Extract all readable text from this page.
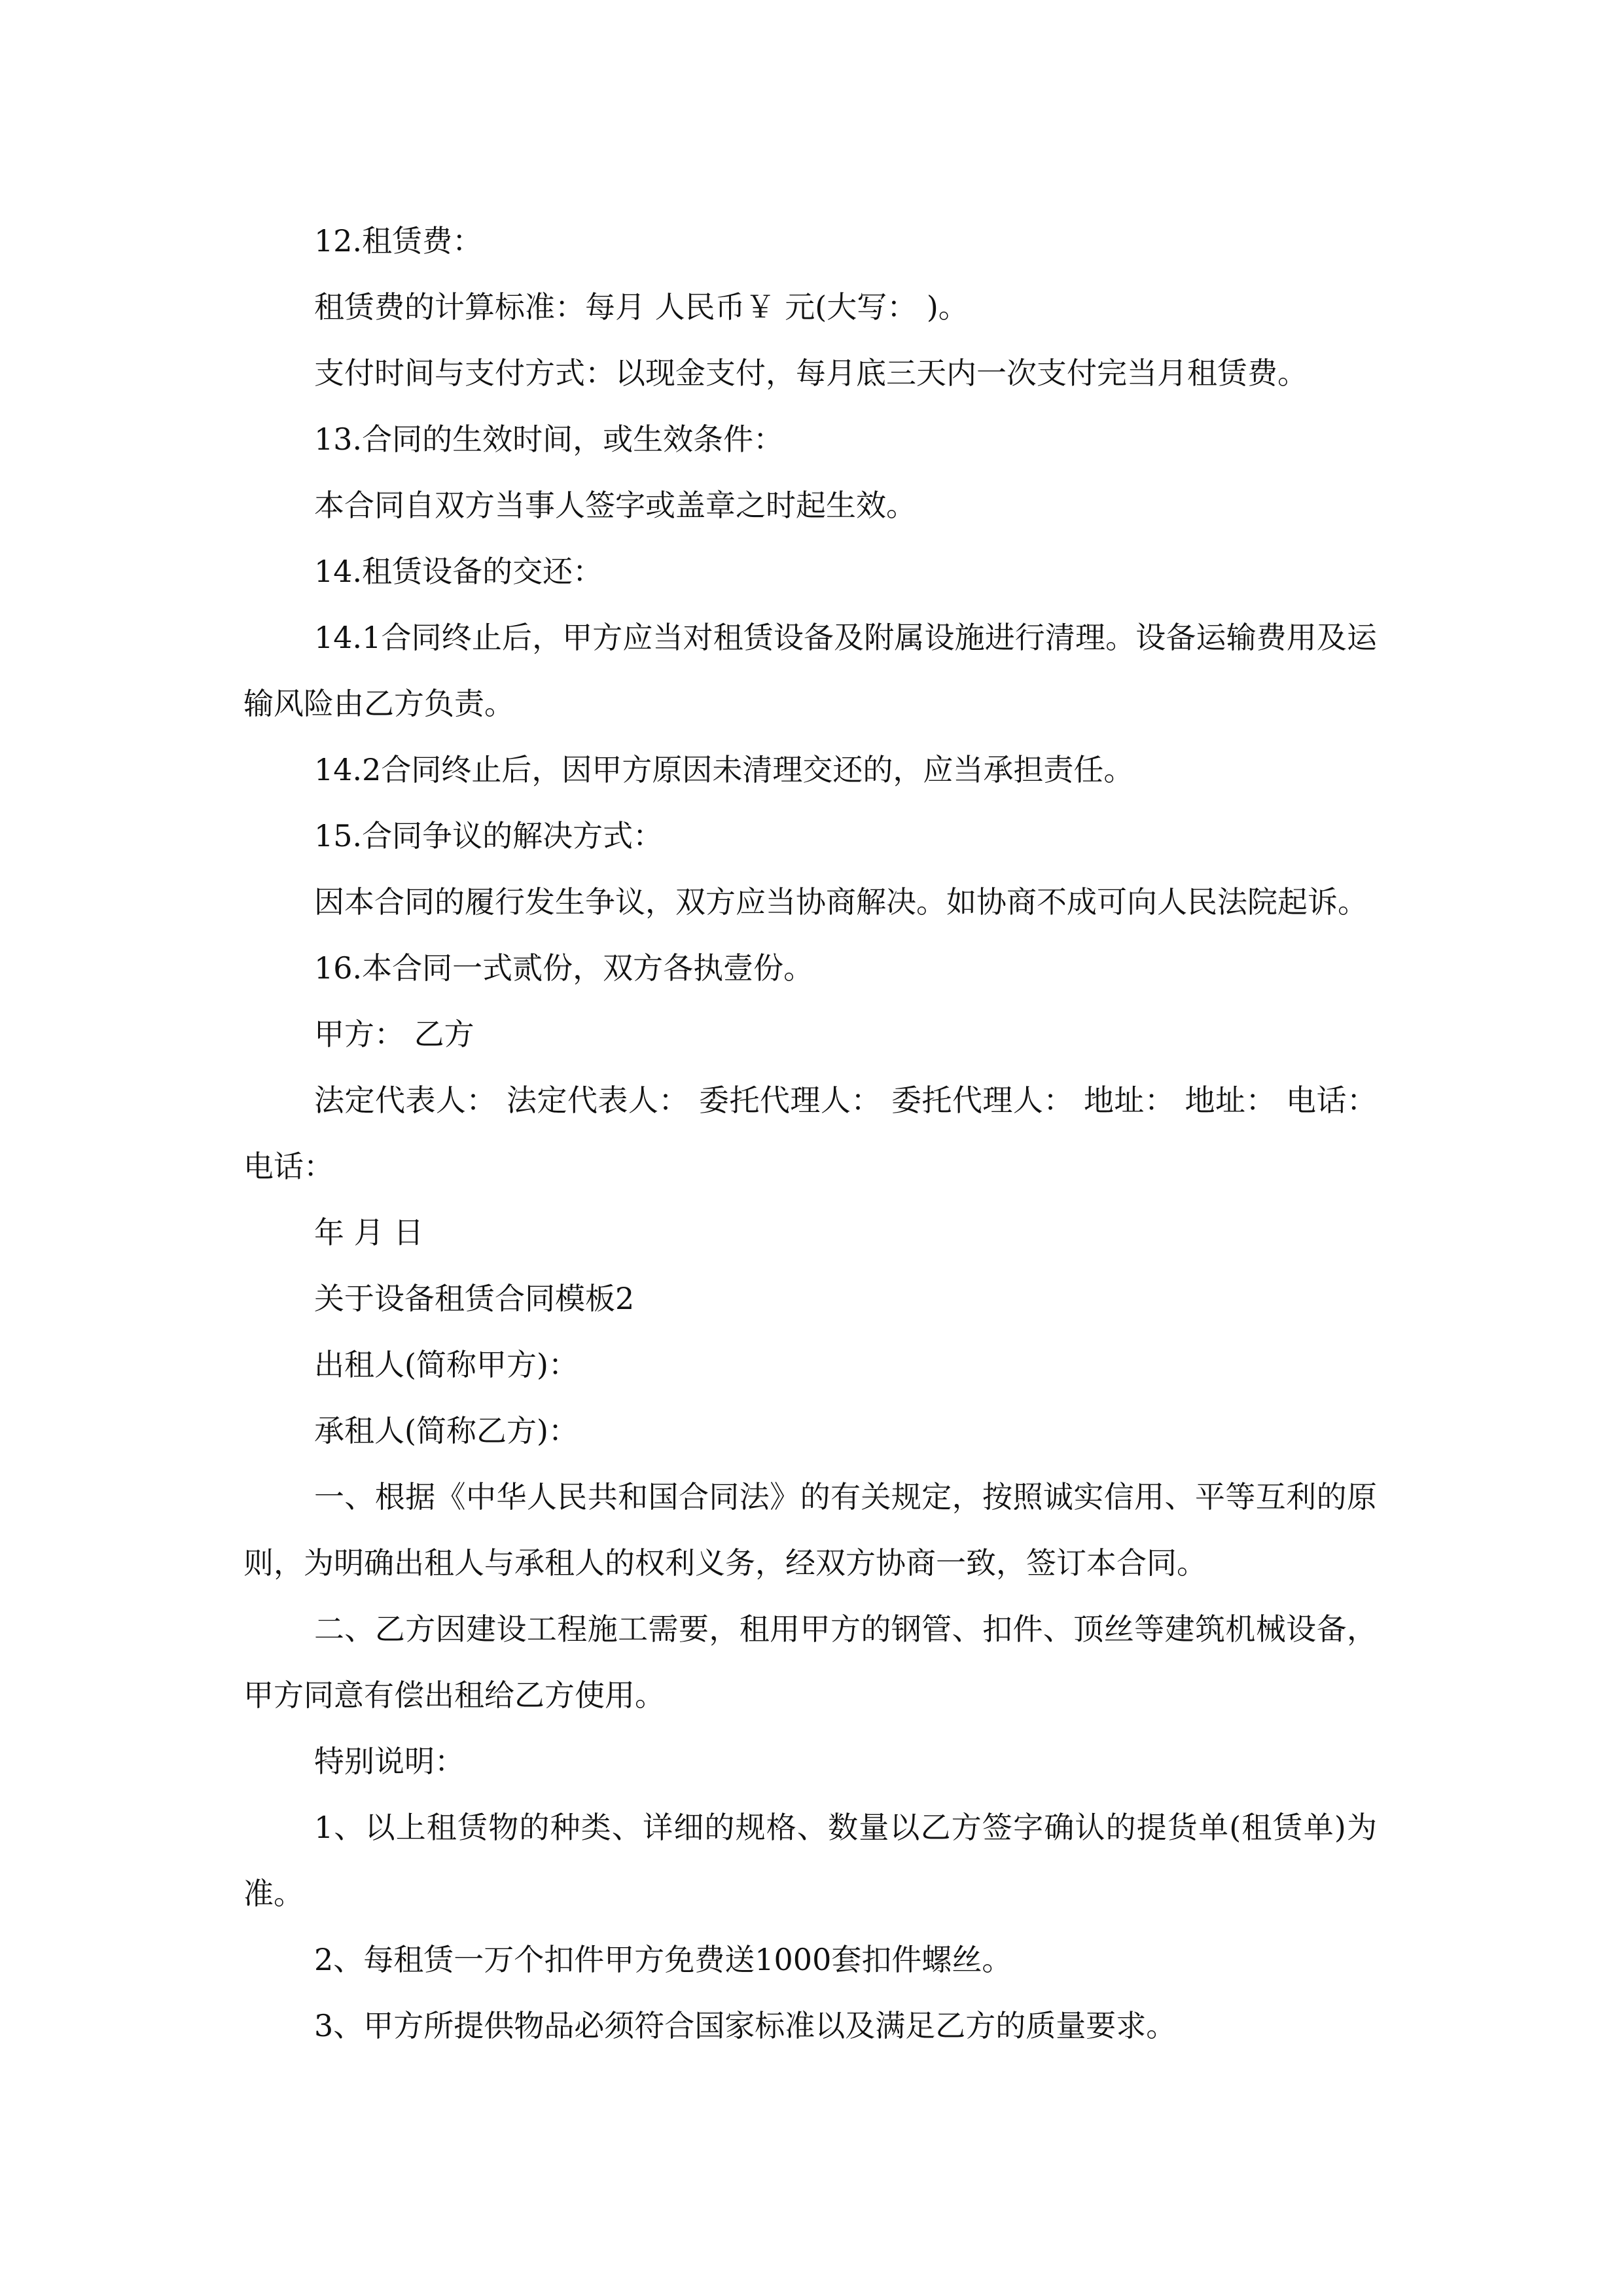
12.租赁费：

租赁费的计算标准：每月 人民币￥ 元(大写： )。

支付时间与支付方式：以现金支付，每月底三天内一次支付完当月租赁费。

13.合同的生效时间，或生效条件：

本合同自双方当事人签字或盖章之时起生效。

14.租赁设备的交还：

14.1合同终止后，甲方应当对租赁设备及附属设施进行清理。设备运输费用及运输风险由乙方负责。

14.2合同终止后，因甲方原因未清理交还的，应当承担责任。

15.合同争议的解决方式：

因本合同的履行发生争议，双方应当协商解决。如协商不成可向人民法院起诉。

16.本合同一式贰份，双方各执壹份。

甲方： 乙方

法定代表人： 法定代表人： 委托代理人： 委托代理人： 地址： 地址： 电话： 电话：

年 月 日

关于设备租赁合同模板2

出租人(简称甲方)：

承租人(简称乙方)：

一、根据《中华人民共和国合同法》的有关规定，按照诚实信用、平等互利的原则，为明确出租人与承租人的权利义务，经双方协商一致，签订本合同。

二、乙方因建设工程施工需要，租用甲方的钢管、扣件、顶丝等建筑机械设备，甲方同意有偿出租给乙方使用。

特别说明：

1、以上租赁物的种类、详细的规格、数量以乙方签字确认的提货单(租赁单)为准。

2、每租赁一万个扣件甲方免费送1000套扣件螺丝。

3、甲方所提供物品必须符合国家标准以及满足乙方的质量要求。
